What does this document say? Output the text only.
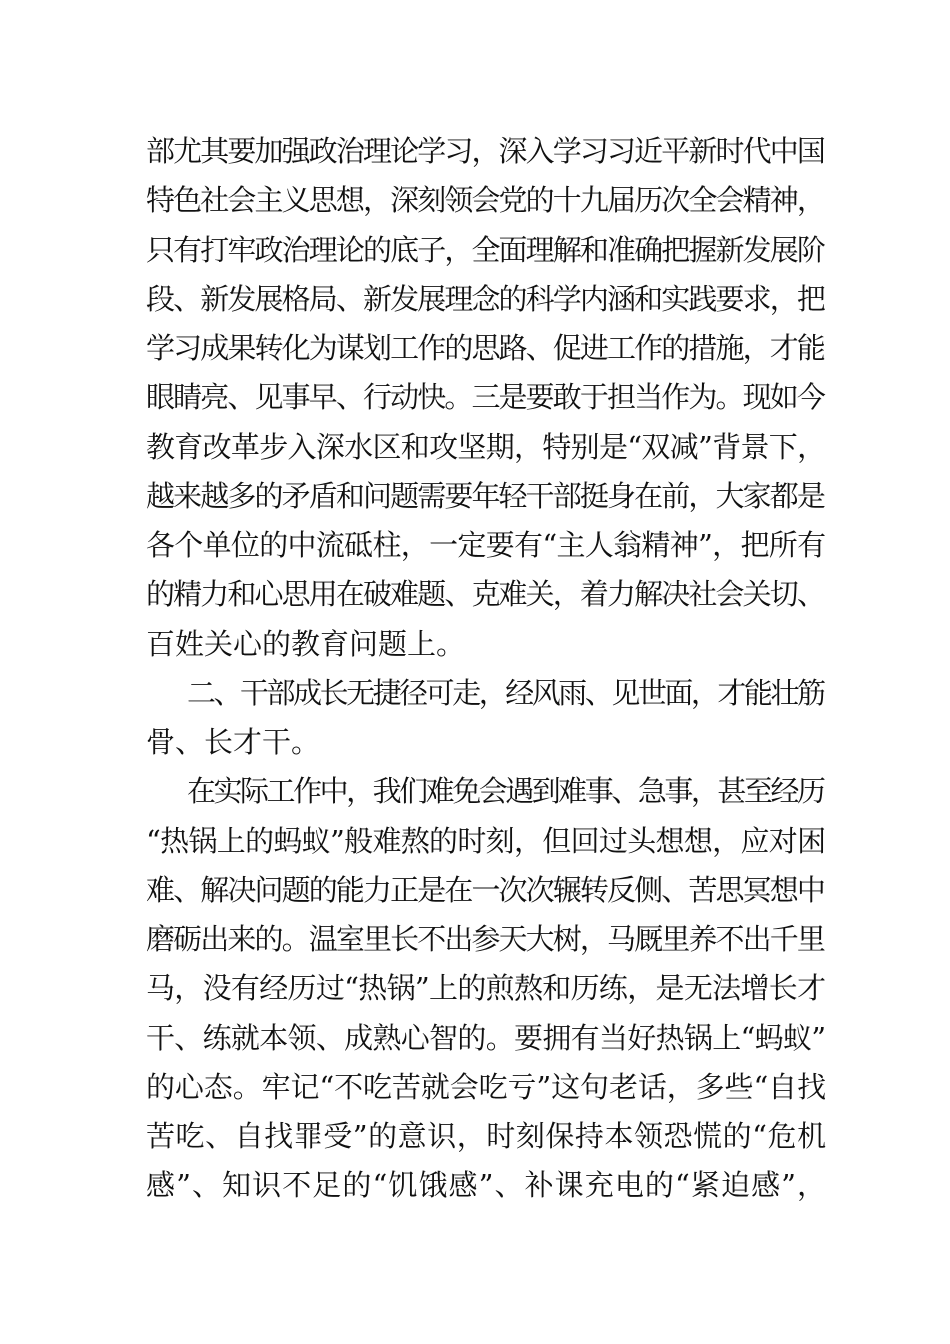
部尤其要加强政治理论学习，深入学习习近平新时代中国
特色社会主义思想，深刻领会党的十九届历次全会精神，
只有打牢政治理论的底子，全面理解和准确把握新发展阶
段、新发展格局、新发展理念的科学内涵和实践要求，把
学习成果转化为谋划工作的思路、促进工作的措施，才能
眼睛亮、见事早、行动快。三是要敢于担当作为。现如今
教育改革步入深水区和攻坚期，特别是“双减”背景下，
越来越多的矛盾和问题需要年轻干部挺身在前，大家都是
各个单位的中流砥柱，一定要有“主人翁精神”，把所有
的精力和心思用在破难题、克难关，着力解决社会关切、
百姓关心的教育问题上。
二、干部成长无捷径可走，经风雨、见世面，才能壮筋
骨、长才干。
在实际工作中，我们难免会遇到难事、急事，甚至经历
“热锅上的蚂蚁”般难熬的时刻，但回过头想想，应对困
难、解决问题的能力正是在一次次辗转反侧、苦思冥想中
磨砺出来的。温室里长不出参天大树，马厩里养不出千里
马，没有经历过“热锅”上的煎熬和历练，是无法增长才
干、练就本领、成熟心智的。要拥有当好热锅上“蚂蚁”
的心态。牢记“不吃苦就会吃亏”这句老话，多些“自找
苦吃、自找罪受”的意识，时刻保持本领恐慌的“危机
感”、知识不足的“饥饿感”、补课充电的“紧迫感”，
